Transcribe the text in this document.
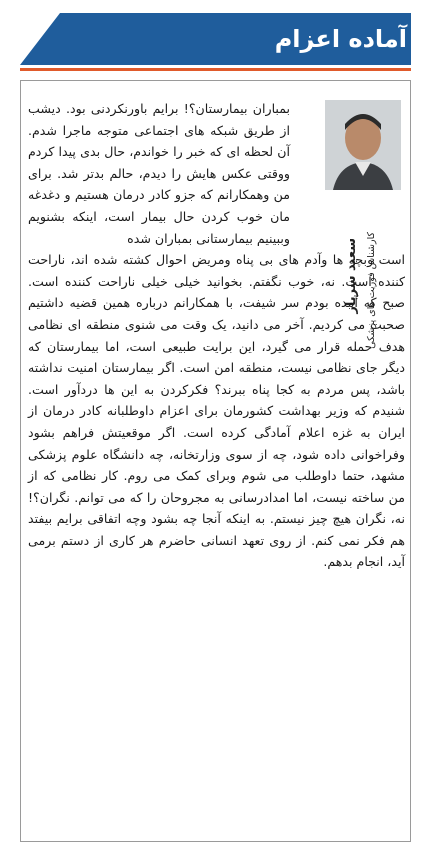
آماده اعزام
سعید سرباز کارشناس فوریت های پزشکی

بمباران بیمارستان؟! برایم باورنکردنی بود. دیشب از طریق شبکه های اجتماعی متوجه ماجرا شدم. آن لحظه ای که خبر را خواندم، حال بدی پیدا کردم ووقتی عکس هایش را دیدم، حالم بدتر شد. برای من وهمکارانم که جزو کادر درمان هستیم و دغدغه مان خوب کردن حال بیمار است، اینکه بشنویم وببینیم بیمارستانی بمباران شده

است وبچه ها وآدم های بی پناه ومریض احوال کشته شده اند، ناراحت کننده است. نه، خوب نگفتم. بخوانید خیلی خیلی ناراحت کننده است. صبح که آمده بودم سر شیفت، با همکارانم درباره همین قضیه داشتیم صحبت می کردیم. آخر می دانید، یک وقت می شنوی منطقه ای نظامی هدف حمله قرار می گیرد، این برایت طبیعی است، اما بیمارستان که دیگر جای نظامی نیست، منطقه امن است. اگر بیمارستان امنیت نداشته باشد، پس مردم به کجا پناه ببرند؟ فکرکردن به این ها دردآور است. شنیدم که وزیر بهداشت کشورمان برای اعزام داوطلبانه کادر درمان از ایران به غزه اعلام آمادگی کرده است. اگر موقعیتش فراهم بشود وفراخوانی داده شود، چه از سوی وزارتخانه، چه دانشگاه علوم پزشکی مشهد، حتما داوطلب می شوم وبرای کمک می روم. کار نظامی که از من ساخته نیست، اما امدادرسانی به مجروحان را که می توانم. نگران؟! نه، نگران هیچ چیز نیستم. به اینکه آنجا چه بشود وچه اتفاقی برایم بیفتد هم فکر نمی کنم. از روی تعهد انسانی حاضرم هر کاری از دستم برمی آید، انجام بدهم.
